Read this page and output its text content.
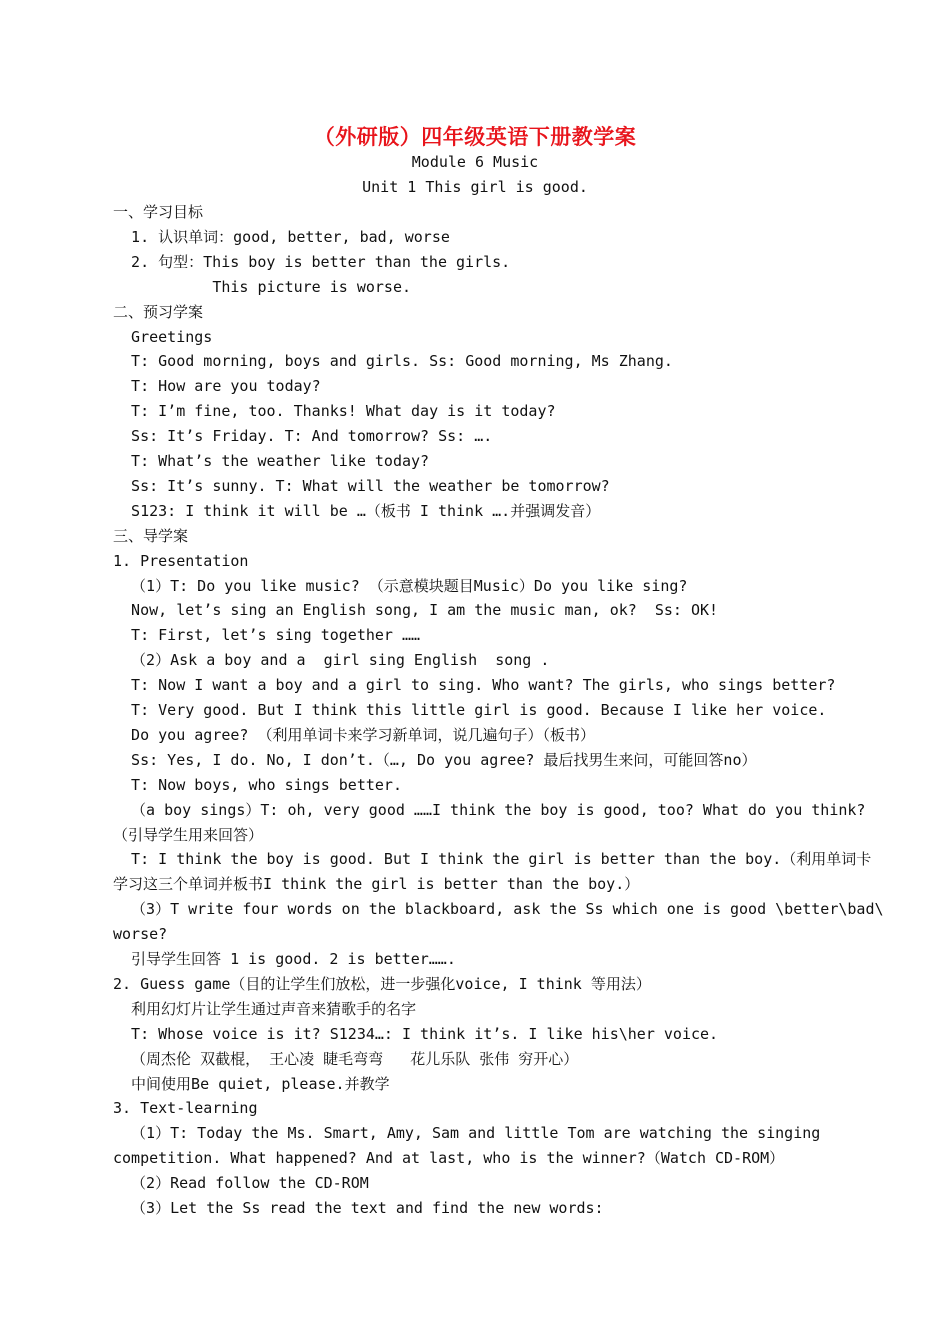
（外研版）四年级英语下册教学案
Module 6 Music
Unit 1 This girl is good.
一、学习目标
1. 认识单词：good, better, bad, worse
2. 句型：This boy is better than the girls.
This picture is worse.
二、预习学案
Greetings
T: Good morning, boys and girls. Ss: Good morning, Ms Zhang.
T: How are you today?
T: I’m fine, too. Thanks! What day is it today?
Ss: It’s Friday. T: And tomorrow? Ss: ….
T: What’s the weather like today?
Ss: It’s sunny. T: What will the weather be tomorrow?
S123: I think it will be …（板书 I think ….并强调发音）
三、导学案
1. Presentation
（1）T: Do you like music? （示意模块题目Music）Do you like sing?
Now, let’s sing an English song, I am the music man, ok?  Ss: OK!
T: First, let’s sing together ……
（2）Ask a boy and a  girl sing English  song .
T: Now I want a boy and a girl to sing. Who want? The girls, who sings better?
T: Very good. But I think this little girl is good. Because I like her voice.
Do you agree? （利用单词卡来学习新单词，说几遍句子）（板书）
Ss: Yes, I do. No, I don’t.（…, Do you agree? 最后找男生来问，可能回答no）
T: Now boys, who sings better.
（a boy sings）T: oh, very good ……I think the boy is good, too? What do you think?
（引导学生用来回答）
T: I think the boy is good. But I think the girl is better than the boy.（利用单词卡
学习这三个单词并板书I think the girl is better than the boy.）
（3）T write four words on the blackboard, ask the Ss which one is good \better\bad\
worse?
引导学生回答 1 is good. 2 is better…….
2. Guess game（目的让学生们放松，进一步强化voice, I think 等用法）
利用幻灯片让学生通过声音来猜歌手的名字
T: Whose voice is it? S1234…: I think it’s. I like his\her voice.
（周杰伦 双截棍， 王心凌 睫毛弯弯   花儿乐队 张伟 穷开心）
中间使用Be quiet, please.并教学
3. Text-learning
（1）T: Today the Ms. Smart, Amy, Sam and little Tom are watching the singing
competition. What happened? And at last, who is the winner?（Watch CD-ROM）
（2）Read follow the CD-ROM
（3）Let the Ss read the text and find the new words:
